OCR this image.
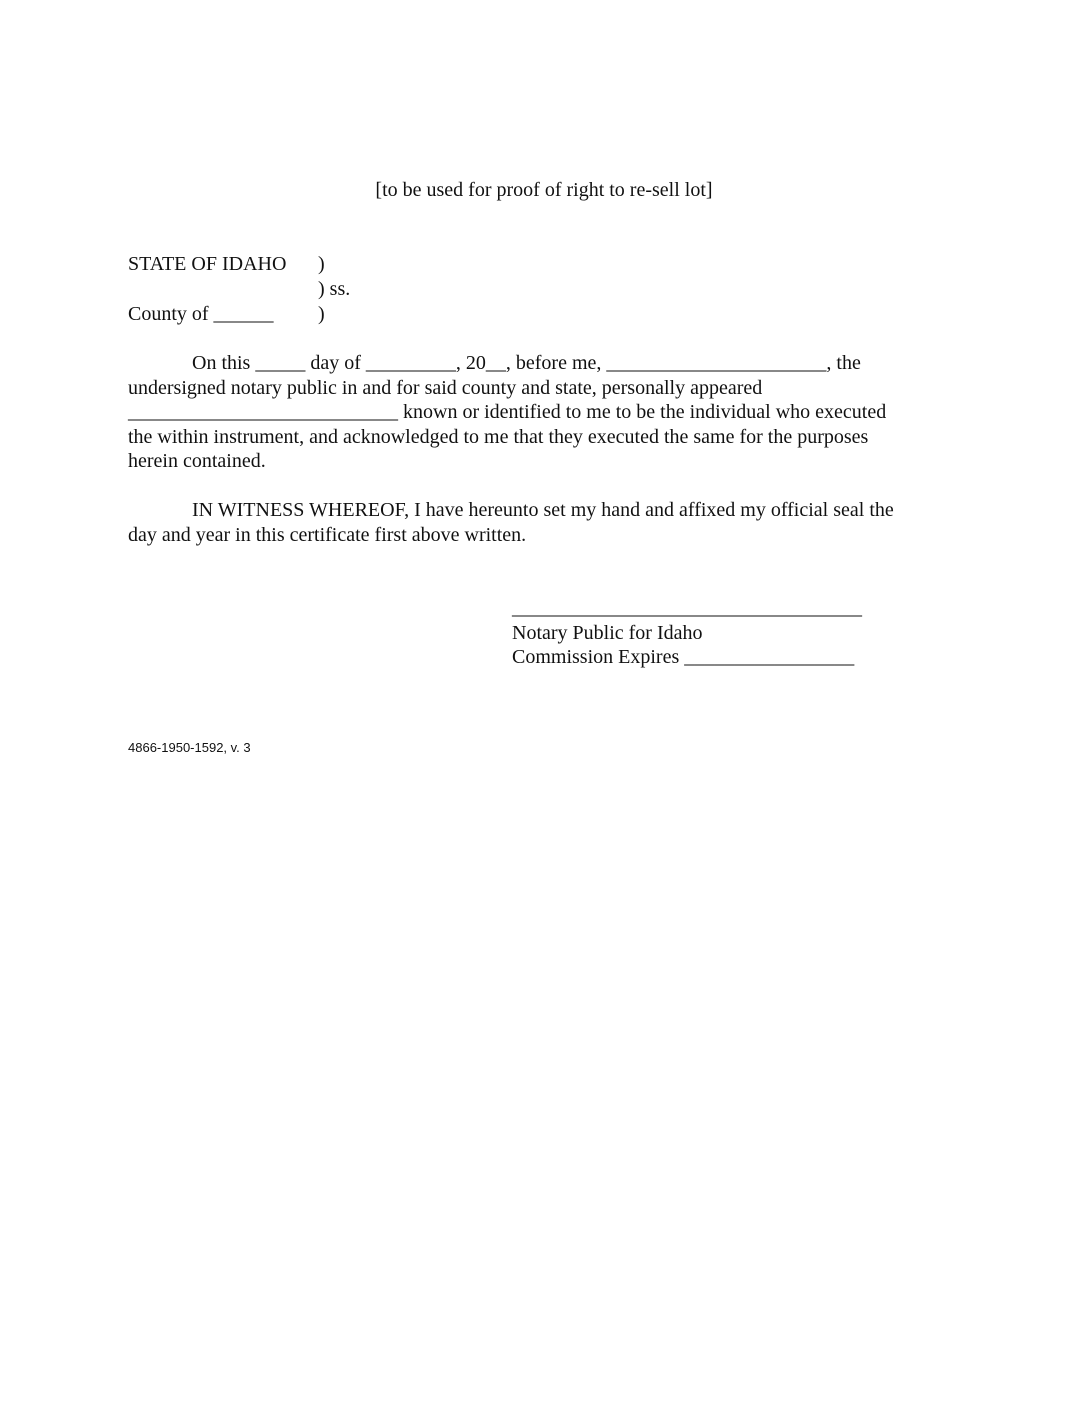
[to be used for proof of right to re-sell lot]
STATE OF IDAHO )
) ss.
County of ______ )
On this _____ day of _________, 20__, before me, ______________________, the
undersigned notary public in and for said county and state, personally appeared
___________________________ known or identified to me to be the individual who executed
the within instrument, and acknowledged to me that they executed the same for the purposes
herein contained.
IN WITNESS WHEREOF, I have hereunto set my hand and affixed my official seal the
day and year in this certificate first above written.
___________________________________
Notary Public for Idaho
Commission Expires _________________
4866-1950-1592, v. 3
